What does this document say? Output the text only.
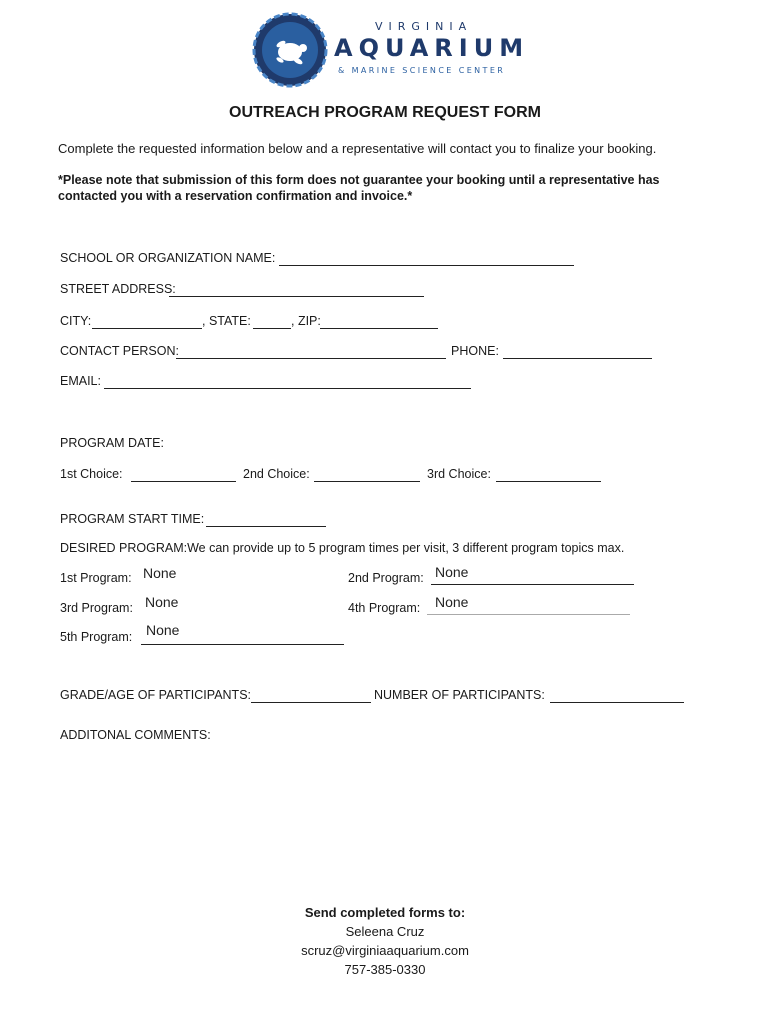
VIRGINIA
AQUARIUM
& MARINE SCIENCE CENTER
OUTREACH PROGRAM REQUEST FORM
Complete the requested information below and a representative will contact you to finalize your booking.
*Please note that submission of this form does not guarantee your booking until a representative has
contacted you with a reservation confirmation and invoice.*
SCHOOL OR ORGANIZATION NAME:
STREET ADDRESS:
CITY:	, STATE:	, ZIP:
CONTACT PERSON:	PHONE:
EMAIL:
PROGRAM DATE:
1st Choice:	2nd Choice:	3rd Choice:
PROGRAM START TIME:
DESIRED PROGRAM:We can provide up to 5 program times per visit, 3 different program topics max.
1st Program: None	2nd Program: None
3rd Program: None	4th Program: None
5th Program: None
GRADE/AGE OF PARTICIPANTS:	NUMBER OF PARTICIPANTS:
ADDITONAL COMMENTS:
Send completed forms to:
Seleena Cruz
scruz@virginiaaquarium.com
757-385-0330
